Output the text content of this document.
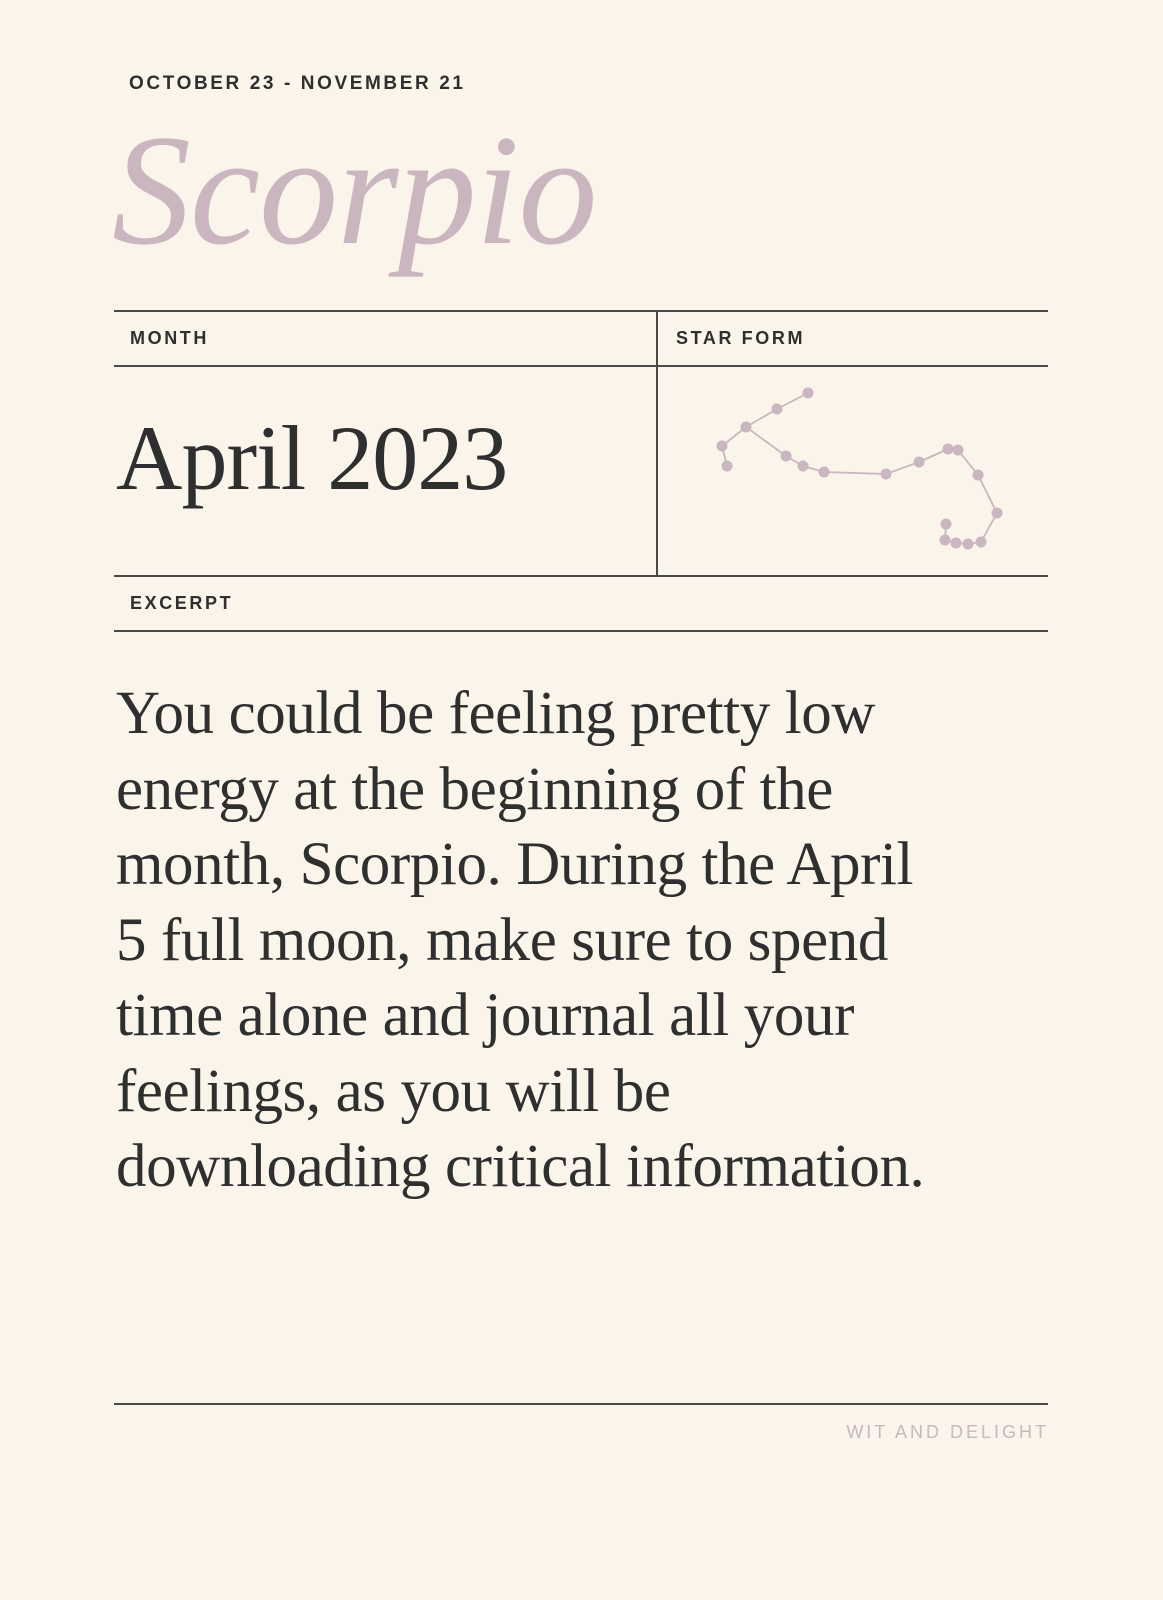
OCTOBER 23 - NOVEMBER 21
Scorpio
MONTH	STAR FORM
April 2023
EXCERPT
You could be feeling pretty low
energy at the beginning of the
month, Scorpio. During the April
5 full moon, make sure to spend
time alone and journal all your
feelings, as you will be
downloading critical information.
WIT AND DELIGHT
